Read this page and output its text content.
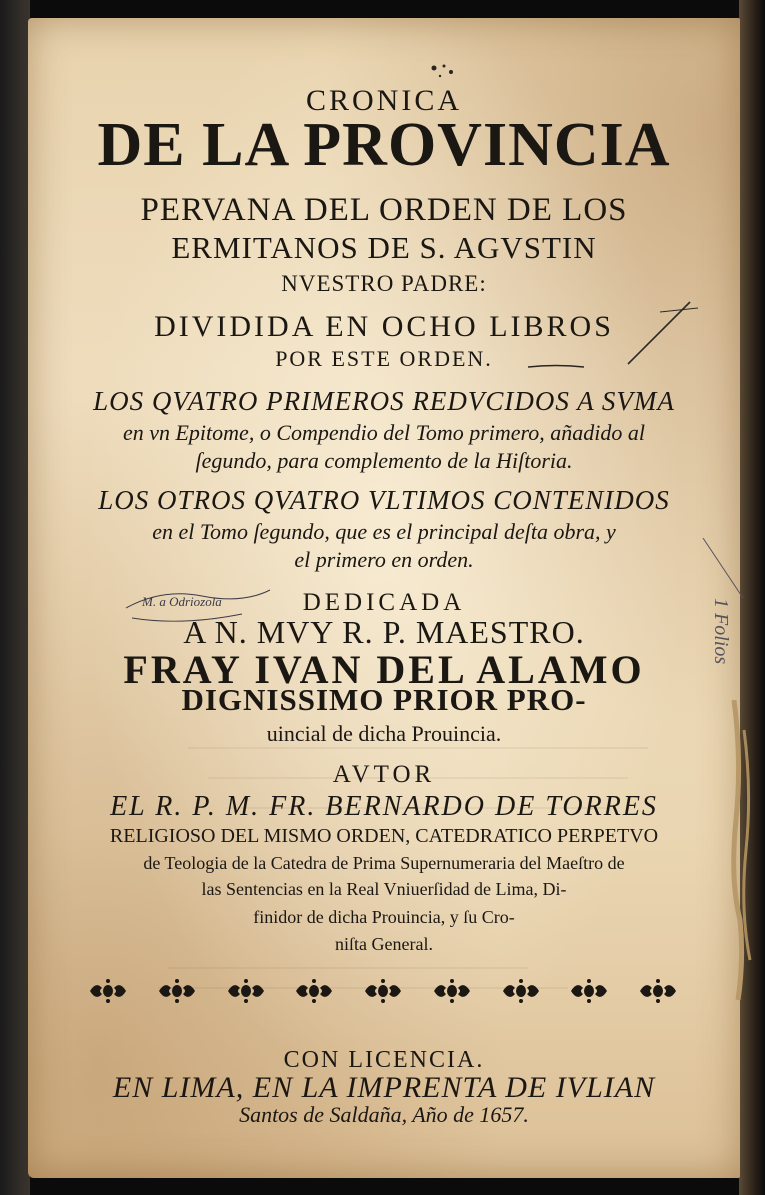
CRONICA
DE LA PROVINCIA
PERVANA DEL ORDEN DE LOS
ERMITANOS DE S. AGVSTIN
NVESTRO PADRE:
DIVIDIDA EN OCHO LIBROS
POR ESTE ORDEN.
LOS QVATRO PRIMEROS REDVCIDOS A SVMA
en vn Epitome, o Compendio del Tomo primero, añadido al
ſegundo, para complemento de la Hiſtoria.
LOS OTROS QVATRO VLTIMOS CONTENIDOS
en el Tomo ſegundo, que es el principal deſta obra, y
el primero en orden.
M. a Odriozola	DEDICADA
A N. MVY R. P. MAESTRO.
FRAY IVAN DEL ALAMO
DIGNISSIMO PRIOR PRO-
uincial de dicha Prouincia.
1 Folios
AVTOR
EL R. P. M. FR. BERNARDO DE TORRES
RELIGIOSO DEL MISMO ORDEN, CATEDRATICO PERPETVO
de Teologia de la Catedra de Prima Supernumeraria del Maeſtro de
las Sentencias en la Real Vniuerſidad de Lima, Di-
finidor de dicha Prouincia, y ſu Cro-
niſta General.
CON LICENCIA.
EN LIMA, EN LA IMPRENTA DE IVLIAN
Santos de Saldaña, Año de 1657.
